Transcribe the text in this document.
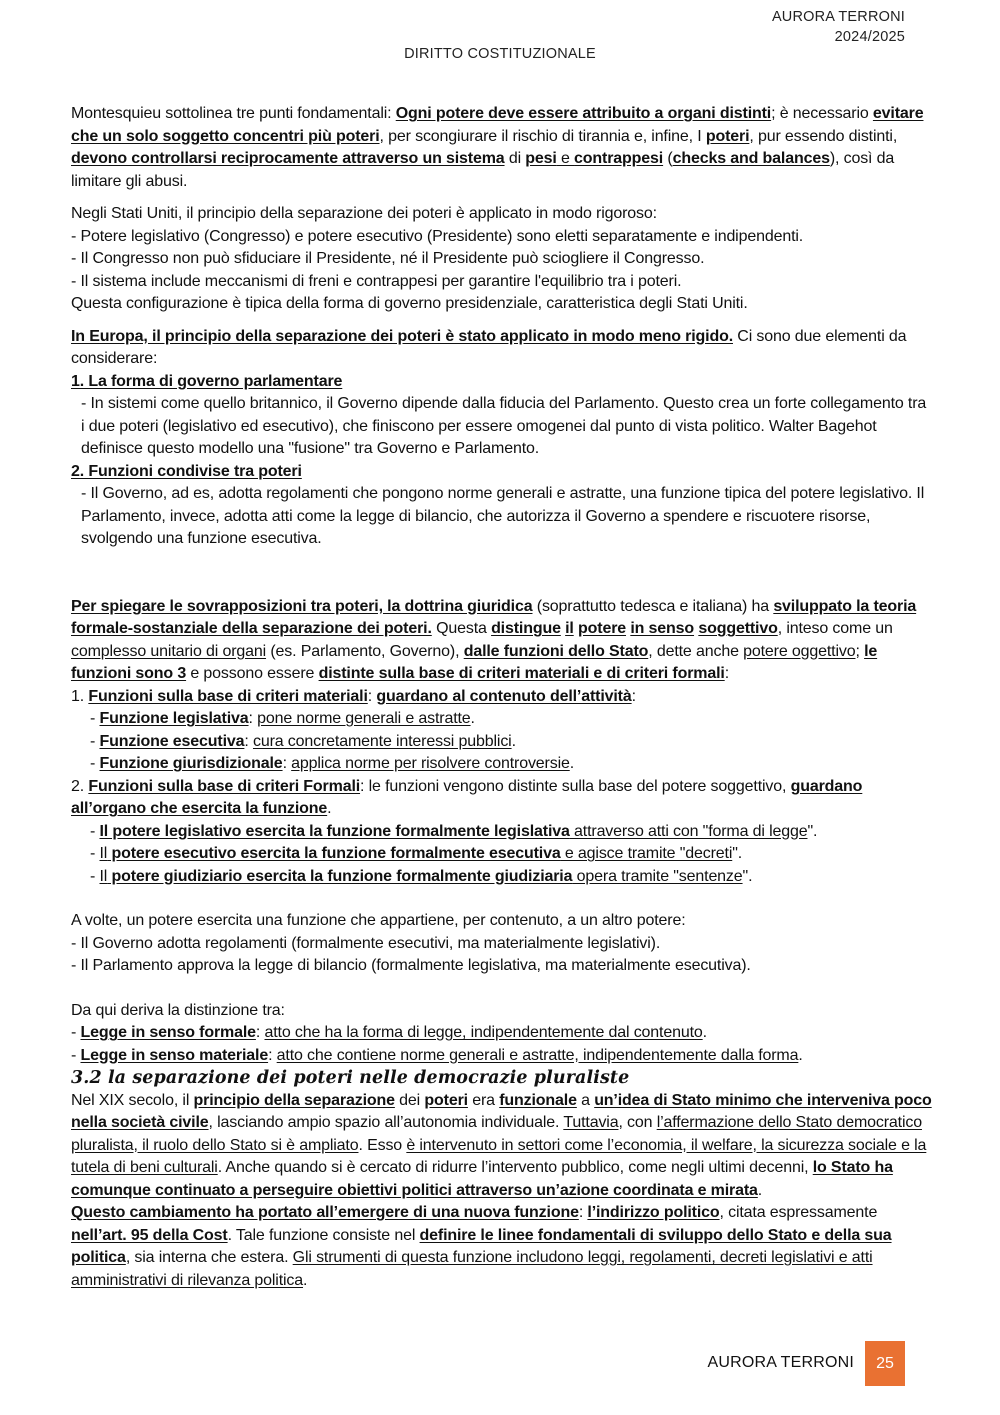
AURORA TERRONI
2024/2025
DIRITTO COSTITUZIONALE

Montesquieu sottolinea tre punti fondamentali: Ogni potere deve essere attribuito a organi distinti; è necessario evitare che un solo soggetto concentri più poteri, per scongiurare il rischio di tirannia e, infine, I poteri, pur essendo distinti, devono controllarsi reciprocamente attraverso un sistema di pesi e contrappesi (checks and balances), così da limitare gli abusi.

Negli Stati Uniti, il principio della separazione dei poteri è applicato in modo rigoroso:

- Potere legislativo (Congresso) e potere esecutivo (Presidente) sono eletti separatamente e indipendenti.

- Il Congresso non può sfiduciare il Presidente, né il Presidente può sciogliere il Congresso.

- Il sistema include meccanismi di freni e contrappesi per garantire l'equilibrio tra i poteri.

Questa configurazione è tipica della forma di governo presidenziale, caratteristica degli Stati Uniti.

In Europa, il principio della separazione dei poteri è stato applicato in modo meno rigido. Ci sono due elementi da considerare:

1. La forma di governo parlamentare

- In sistemi come quello britannico, il Governo dipende dalla fiducia del Parlamento. Questo crea un forte collegamento tra i due poteri (legislativo ed esecutivo), che finiscono per essere omogenei dal punto di vista politico. Walter Bagehot definisce questo modello una "fusione" tra Governo e Parlamento.

2. Funzioni condivise tra poteri

- Il Governo, ad es, adotta regolamenti che pongono norme generali e astratte, una funzione tipica del potere legislativo. Il Parlamento, invece, adotta atti come la legge di bilancio, che autorizza il Governo a spendere e riscuotere risorse, svolgendo una funzione esecutiva.

Per spiegare le sovrapposizioni tra poteri, la dottrina giuridica (soprattutto tedesca e italiana) ha sviluppato la teoria formale-sostanziale della separazione dei poteri. Questa distingue il potere in senso soggettivo, inteso come un complesso unitario di organi (es. Parlamento, Governo), dalle funzioni dello Stato, dette anche potere oggettivo; le funzioni sono 3 e possono essere distinte sulla base di criteri materiali e di criteri formali:

1. Funzioni sulla base di criteri materiali: guardano al contenuto dell’attività:

- Funzione legislativa: pone norme generali e astratte.

- Funzione esecutiva: cura concretamente interessi pubblici.

- Funzione giurisdizionale: applica norme per risolvere controversie.

2. Funzioni sulla base di criteri Formali: le funzioni vengono distinte sulla base del potere soggettivo, guardano all’organo che esercita la funzione.

- Il potere legislativo esercita la funzione formalmente legislativa attraverso atti con "forma di legge".

- Il potere esecutivo esercita la funzione formalmente esecutiva e agisce tramite "decreti".

- Il potere giudiziario esercita la funzione formalmente giudiziaria opera tramite "sentenze".

A volte, un potere esercita una funzione che appartiene, per contenuto, a un altro potere:

- Il Governo adotta regolamenti (formalmente esecutivi, ma materialmente legislativi).

- Il Parlamento approva la legge di bilancio (formalmente legislativa, ma materialmente esecutiva).

Da qui deriva la distinzione tra:

- Legge in senso formale: atto che ha la forma di legge, indipendentemente dal contenuto.

- Legge in senso materiale: atto che contiene norme generali e astratte, indipendentemente dalla forma.

3.2 la separazione dei poteri nelle democrazie pluraliste

Nel XIX secolo, il principio della separazione dei poteri era funzionale a un’idea di Stato minimo che interveniva poco nella società civile, lasciando ampio spazio all’autonomia individuale. Tuttavia, con l’affermazione dello Stato democratico pluralista, il ruolo dello Stato si è ampliato. Esso è intervenuto in settori come l’economia, il welfare, la sicurezza sociale e la tutela di beni culturali. Anche quando si è cercato di ridurre l’intervento pubblico, come negli ultimi decenni, lo Stato ha comunque continuato a perseguire obiettivi politici attraverso un’azione coordinata e mirata.

Questo cambiamento ha portato all’emergere di una nuova funzione: l’indirizzo politico, citata espressamente nell’art. 95 della Cost. Tale funzione consiste nel definire le linee fondamentali di sviluppo dello Stato e della sua politica, sia interna che estera. Gli strumenti di questa funzione includono leggi, regolamenti, decreti legislativi e atti amministrativi di rilevanza politica.

AURORA TERRONI 25
